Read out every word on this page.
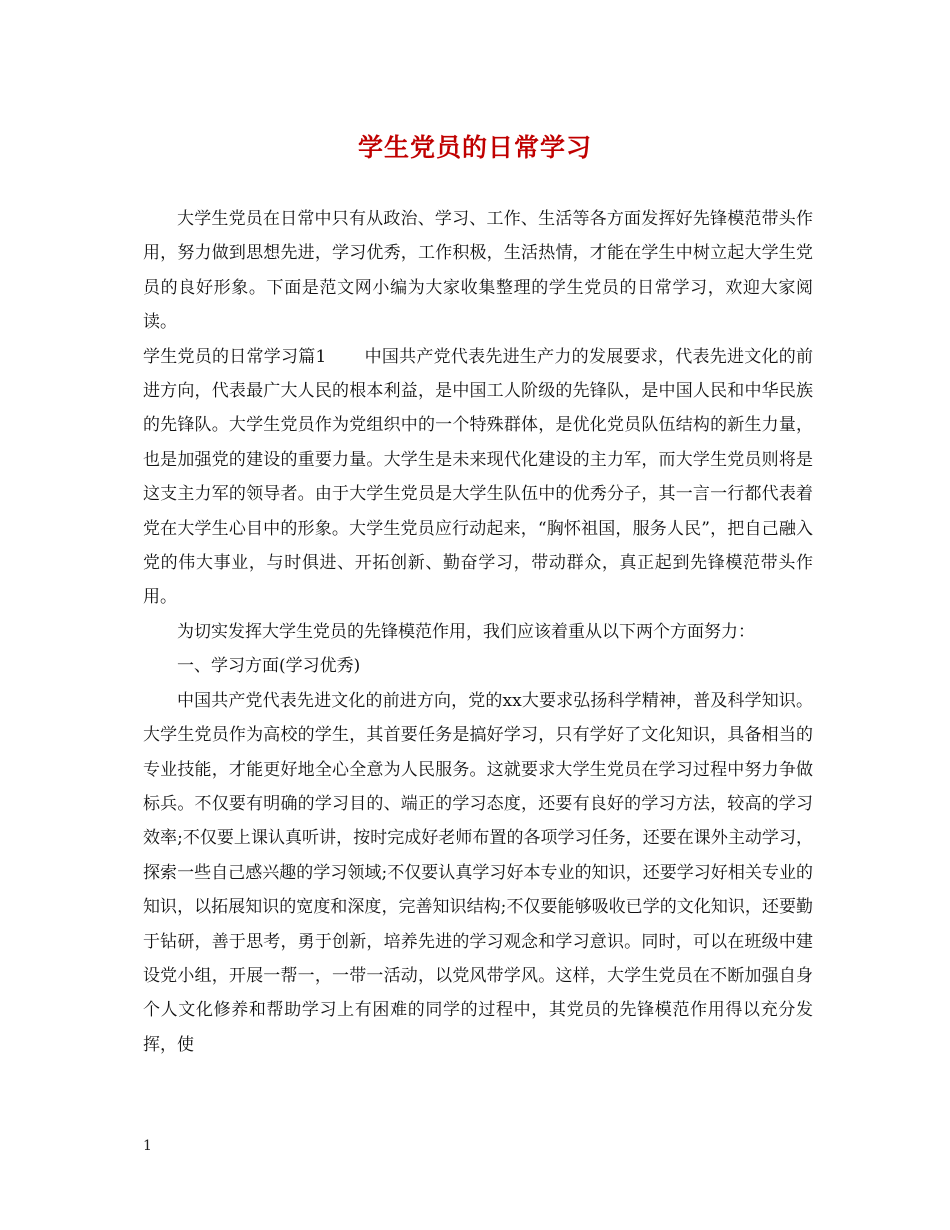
学生党员的日常学习

大学生党员在日常中只有从政治、学习、工作、生活等各方面发挥好先锋模范带头作用，努力做到思想先进，学习优秀，工作积极，生活热情，才能在学生中树立起大学生党员的良好形象。下面是范文网小编为大家收集整理的学生党员的日常学习，欢迎大家阅读。

学生党员的日常学习篇1 中国共产党代表先进生产力的发展要求，代表先进文化的前进方向，代表最广大人民的根本利益，是中国工人阶级的先锋队，是中国人民和中华民族的先锋队。大学生党员作为党组织中的一个特殊群体，是优化党员队伍结构的新生力量，也是加强党的建设的重要力量。大学生是未来现代化建设的主力军，而大学生党员则将是这支主力军的领导者。由于大学生党员是大学生队伍中的优秀分子，其一言一行都代表着党在大学生心目中的形象。大学生党员应行动起来，“胸怀祖国，服务人民”，把自己融入党的伟大事业，与时俱进、开拓创新、勤奋学习，带动群众，真正起到先锋模范带头作用。

为切实发挥大学生党员的先锋模范作用，我们应该着重从以下两个方面努力：

一、学习方面(学习优秀)

中国共产党代表先进文化的前进方向，党的xx大要求弘扬科学精神，普及科学知识。大学生党员作为高校的学生，其首要任务是搞好学习，只有学好了文化知识，具备相当的专业技能，才能更好地全心全意为人民服务。这就要求大学生党员在学习过程中努力争做标兵。不仅要有明确的学习目的、端正的学习态度，还要有良好的学习方法，较高的学习效率;不仅要上课认真听讲，按时完成好老师布置的各项学习任务，还要在课外主动学习，探索一些自己感兴趣的学习领域;不仅要认真学习好本专业的知识，还要学习好相关专业的知识，以拓展知识的宽度和深度，完善知识结构;不仅要能够吸收已学的文化知识，还要勤于钻研，善于思考，勇于创新，培养先进的学习观念和学习意识。同时，可以在班级中建设党小组，开展一帮一，一带一活动，以党风带学风。这样，大学生党员在不断加强自身个人文化修养和帮助学习上有困难的同学的过程中，其党员的先锋模范作用得以充分发挥，使

1
